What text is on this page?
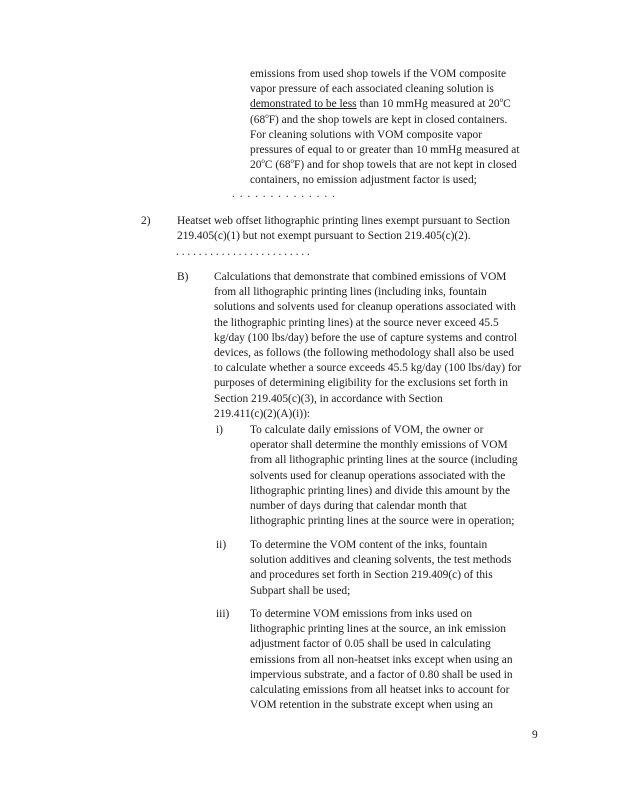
emissions from used shop towels if the VOM composite
vapor pressure of each associated cleaning solution is
demonstrated to be less than 10 mmHg measured at 20$^o$C
(68$^o$F) and the shop towels are kept in closed containers.
For cleaning solutions with VOM composite vapor
pressures of equal to or greater than 10 mmHg measured at
20$^o$C (68$^o$F) and for shop towels that are not kept in closed
containers, no emission adjustment factor is used;
. . . . . . . . . . . . . .
2) Heatset web offset lithographic printing lines exempt pursuant to Section
219.405(c)(1) but not exempt pursuant to Section 219.405(c)(2).
. . . . . . . . . . . . . . . . . . . . . . . .
B) Calculations that demonstrate that combined emissions of VOM
from all lithographic printing lines (including inks, fountain
solutions and solvents used for cleanup operations associated with
the lithographic printing lines) at the source never exceed 45.5
kg/day (100 lbs/day) before the use of capture systems and control
devices, as follows (the following methodology shall also be used
to calculate whether a source exceeds 45.5 kg/day (100 lbs/day) for
purposes of determining eligibility for the exclusions set forth in
Section 219.405(c)(3), in accordance with Section
219.411(c)(2)(A)(i)):
i) To calculate daily emissions of VOM, the owner or
operator shall determine the monthly emissions of VOM
from all lithographic printing lines at the source (including
solvents used for cleanup operations associated with the
lithographic printing lines) and divide this amount by the
number of days during that calendar month that
lithographic printing lines at the source were in operation;
ii) To determine the VOM content of the inks, fountain
solution additives and cleaning solvents, the test methods
and procedures set forth in Section 219.409(c) of this
Subpart shall be used;
iii) To determine VOM emissions from inks used on
lithographic printing lines at the source, an ink emission
adjustment factor of 0.05 shall be used in calculating
emissions from all non-heatset inks except when using an
impervious substrate, and a factor of 0.80 shall be used in
calculating emissions from all heatset inks to account for
VOM retention in the substrate except when using an
9
